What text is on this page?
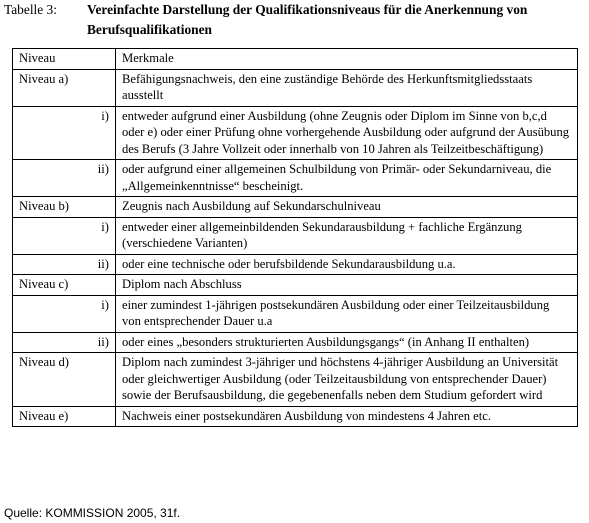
Tabelle 3:	Vereinfachte Darstellung der Qualifikationsniveaus für die Anerkennung von Berufsqualifikationen
Niveau	Merkmale
Niveau a)	Befähigungsnachweis, den eine zuständige Behörde des Herkunftsmitgliedsstaats ausstellt
i)	entweder aufgrund einer Ausbildung (ohne Zeugnis oder Diplom im Sinne von b,c,d oder e) oder einer Prüfung ohne vorhergehende Ausbildung oder aufgrund der Ausübung des Berufs (3 Jahre Vollzeit oder innerhalb von 10 Jahren als Teilzeitbeschäftigung)
ii)	oder aufgrund einer allgemeinen Schulbildung von Primär- oder Sekundarniveau, die „Allgemeinkenntnisse“ bescheinigt.
Niveau b)	Zeugnis nach Ausbildung auf Sekundarschulniveau
i)	entweder einer allgemeinbildenden Sekundarausbildung + fachliche Ergänzung (verschiedene Varianten)
ii)	oder eine technische oder berufsbildende Sekundarausbildung u.a.
Niveau c)	Diplom nach Abschluss
i)	einer zumindest 1-jährigen postsekundären Ausbildung oder einer Teilzeitausbildung von entsprechender Dauer u.a
ii)	oder eines „besonders strukturierten Ausbildungsgangs“ (in Anhang II enthalten)
Niveau d)	Diplom nach zumindest 3-jähriger und höchstens 4-jähriger Ausbildung an Universität oder gleichwertiger Ausbildung (oder Teilzeitausbildung von entsprechender Dauer) sowie der Berufsausbildung, die gegebenenfalls neben dem Studium gefordert wird
Niveau e)	Nachweis einer postsekundären Ausbildung von mindestens 4 Jahren etc.
Quelle: KOMMISSION 2005, 31f.
